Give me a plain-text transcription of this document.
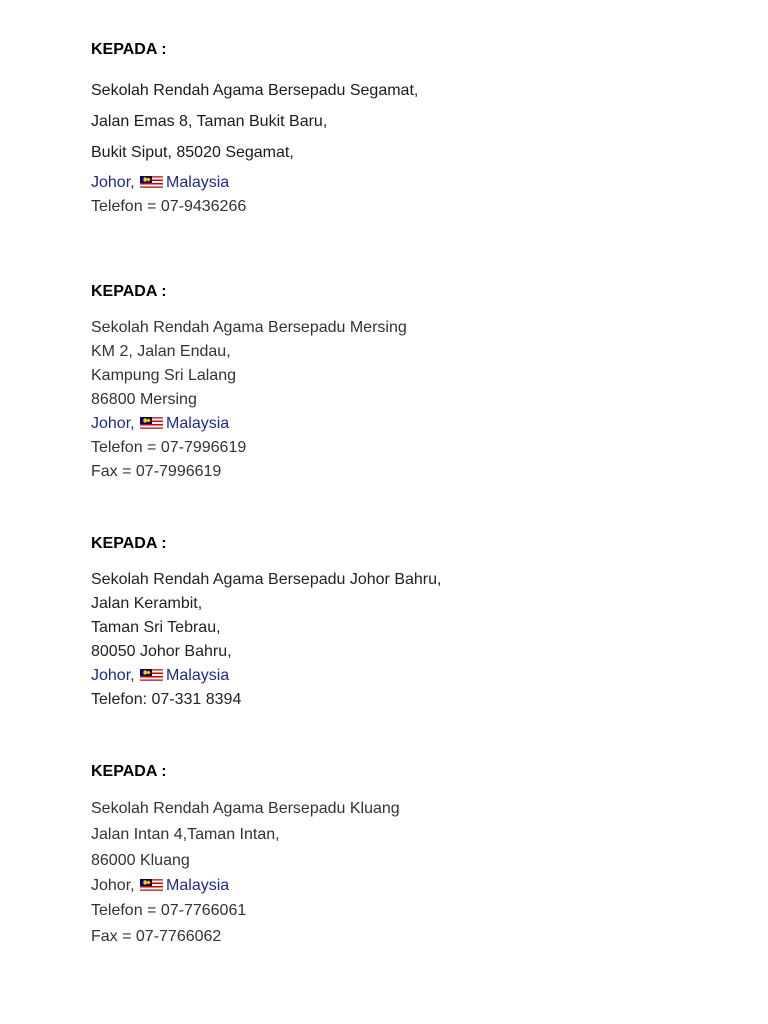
KEPADA :

Sekolah Rendah Agama Bersepadu Segamat,

Jalan Emas 8, Taman Bukit Baru,

Bukit Siput, 85020 Segamat,

Johor, Malaysia

Telefon = 07-9436266

KEPADA :

Sekolah Rendah Agama Bersepadu Mersing

KM 2, Jalan Endau,

Kampung Sri Lalang

86800 Mersing

Johor, Malaysia

Telefon = 07-7996619

Fax = 07-7996619

KEPADA :

Sekolah Rendah Agama Bersepadu Johor Bahru,

Jalan Kerambit,

Taman Sri Tebrau,

80050 Johor Bahru,

Johor, Malaysia

Telefon: 07-331 8394

KEPADA :

Sekolah Rendah Agama Bersepadu Kluang

Jalan Intan 4,Taman Intan,

86000 Kluang

Johor, Malaysia

Telefon = 07-7766061

Fax = 07-7766062
